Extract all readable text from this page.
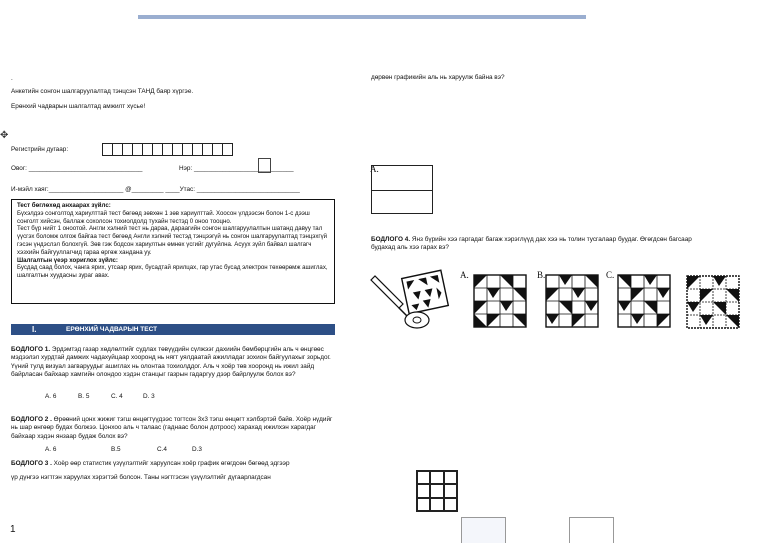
✥
.
Анкетийн сонгон шалгаруулалтад тэнцсэн ТАНД баяр хүргэе.
Ерөнхий чадварын шалгалтад амжилт хүсье!
Регистрийн дугаар:
Овог: ________________________________	Нэр: ____________________________
И-мэйл хаяг:_____________________ @_________ ____Утас: _____________________________

Тест бөглөхөд анхаарах зүйлс:

Бүхэлдээ сонголтод хариулттай тест бөгөөд зөвхөн 1 зөв хариулттай. Хоосон үлдээсэн болон 1-с дээш сонголт хийсэн, баллаж сохолсон тохиолдолд тухайн тестэд 0 оноо тооцно.

Тест бүр нийт 1 оноотой. Англи хэлний тест нь дараа, дараагийн сонгон шалгаруулалтын шатанд давуу тал үүсгэх боломж олгож байгаа тест бөгөөд Англи хэлний тестэд тэнцээгүй нь сонгон шалгаруулалтад тэнцэхгүй гэсэн үндэслэл болохгүй. Зөв гэж бодсон хариултын өмнөх үсгийг дугуйлна. Асуух зүйл байвал шалгагч хэзхийн байгууллагчид гараа өргөж хандана уу.

Шалгалтын үеэр хориглох зүйлс:

Бусдад саад болох, чанга ярих, утсаар ярих, бусадтай ярилцах, гар утас бусад электрон төхөөрөмж ашиглах, шалгалтын хуудасны зураг авах.

I.	ЕРӨНХИЙ ЧАДВАРЫН ТЕСТ
БОДЛОГО 1. Эрдэмтэд газар хөдлөлтийг судлах төвүүдийн сүлжээг дахиийн бөмбөрцгийн аль ч өнцгөөс мэдээлэл хурдтай дамжих чадахуйцаар хооронд нь нягт уялдаатай ажилладаг зохион байгуулахыг зорьдог. Үүний тулд визуал загваруудыг ашиглах нь олонтаа тохиолддог. Аль ч хоёр төв хооронд нь ижил зайд байрласан байхаар хамгийн олондоо хэдэн станцыг газрын гадаргуу дээр байрлуулж болох вэ?
A. 6	B. 5	C. 4	D. 3
БОДЛОГО 2 . Өрөөний цонх жижиг тэгш өнцөгтүүдээс тогтсон 3х3 тэгш өнцөгт хэлбэртэй байв. Хоёр нүдийг нь шар өнгөөр будах болжээ. Цонхоо аль ч талаас (гаднаас болон дотроос) харахад ижилхэн харагдаг байхаар хэдэн янзаар будаж болох вэ?
A. 6	B.5	C.4	D.3
БОДЛОГО 3 . Хоёр өөр статистик үзүүлэлтийг харуулсан хоёр график өгөгдсөн бөгөөд эдгээр
үр дүнгээ нэгтгэн харуулах хэрэгтэй болсон. Таны нэгтгэсэн үзүүлэлтийг дүгаарлагдсан
1
дөрвөн графикийн аль нь харуулж байна вэ?
A.
БОДЛОГО 4. Янз бүрийн хээ гаргадаг багаж хэрэглүүд дах хээ нь толин тусгалаар буудаг. Өгөгдсөн багсаар будахад аль хээ гарах вэ?
A.	B.	C.
